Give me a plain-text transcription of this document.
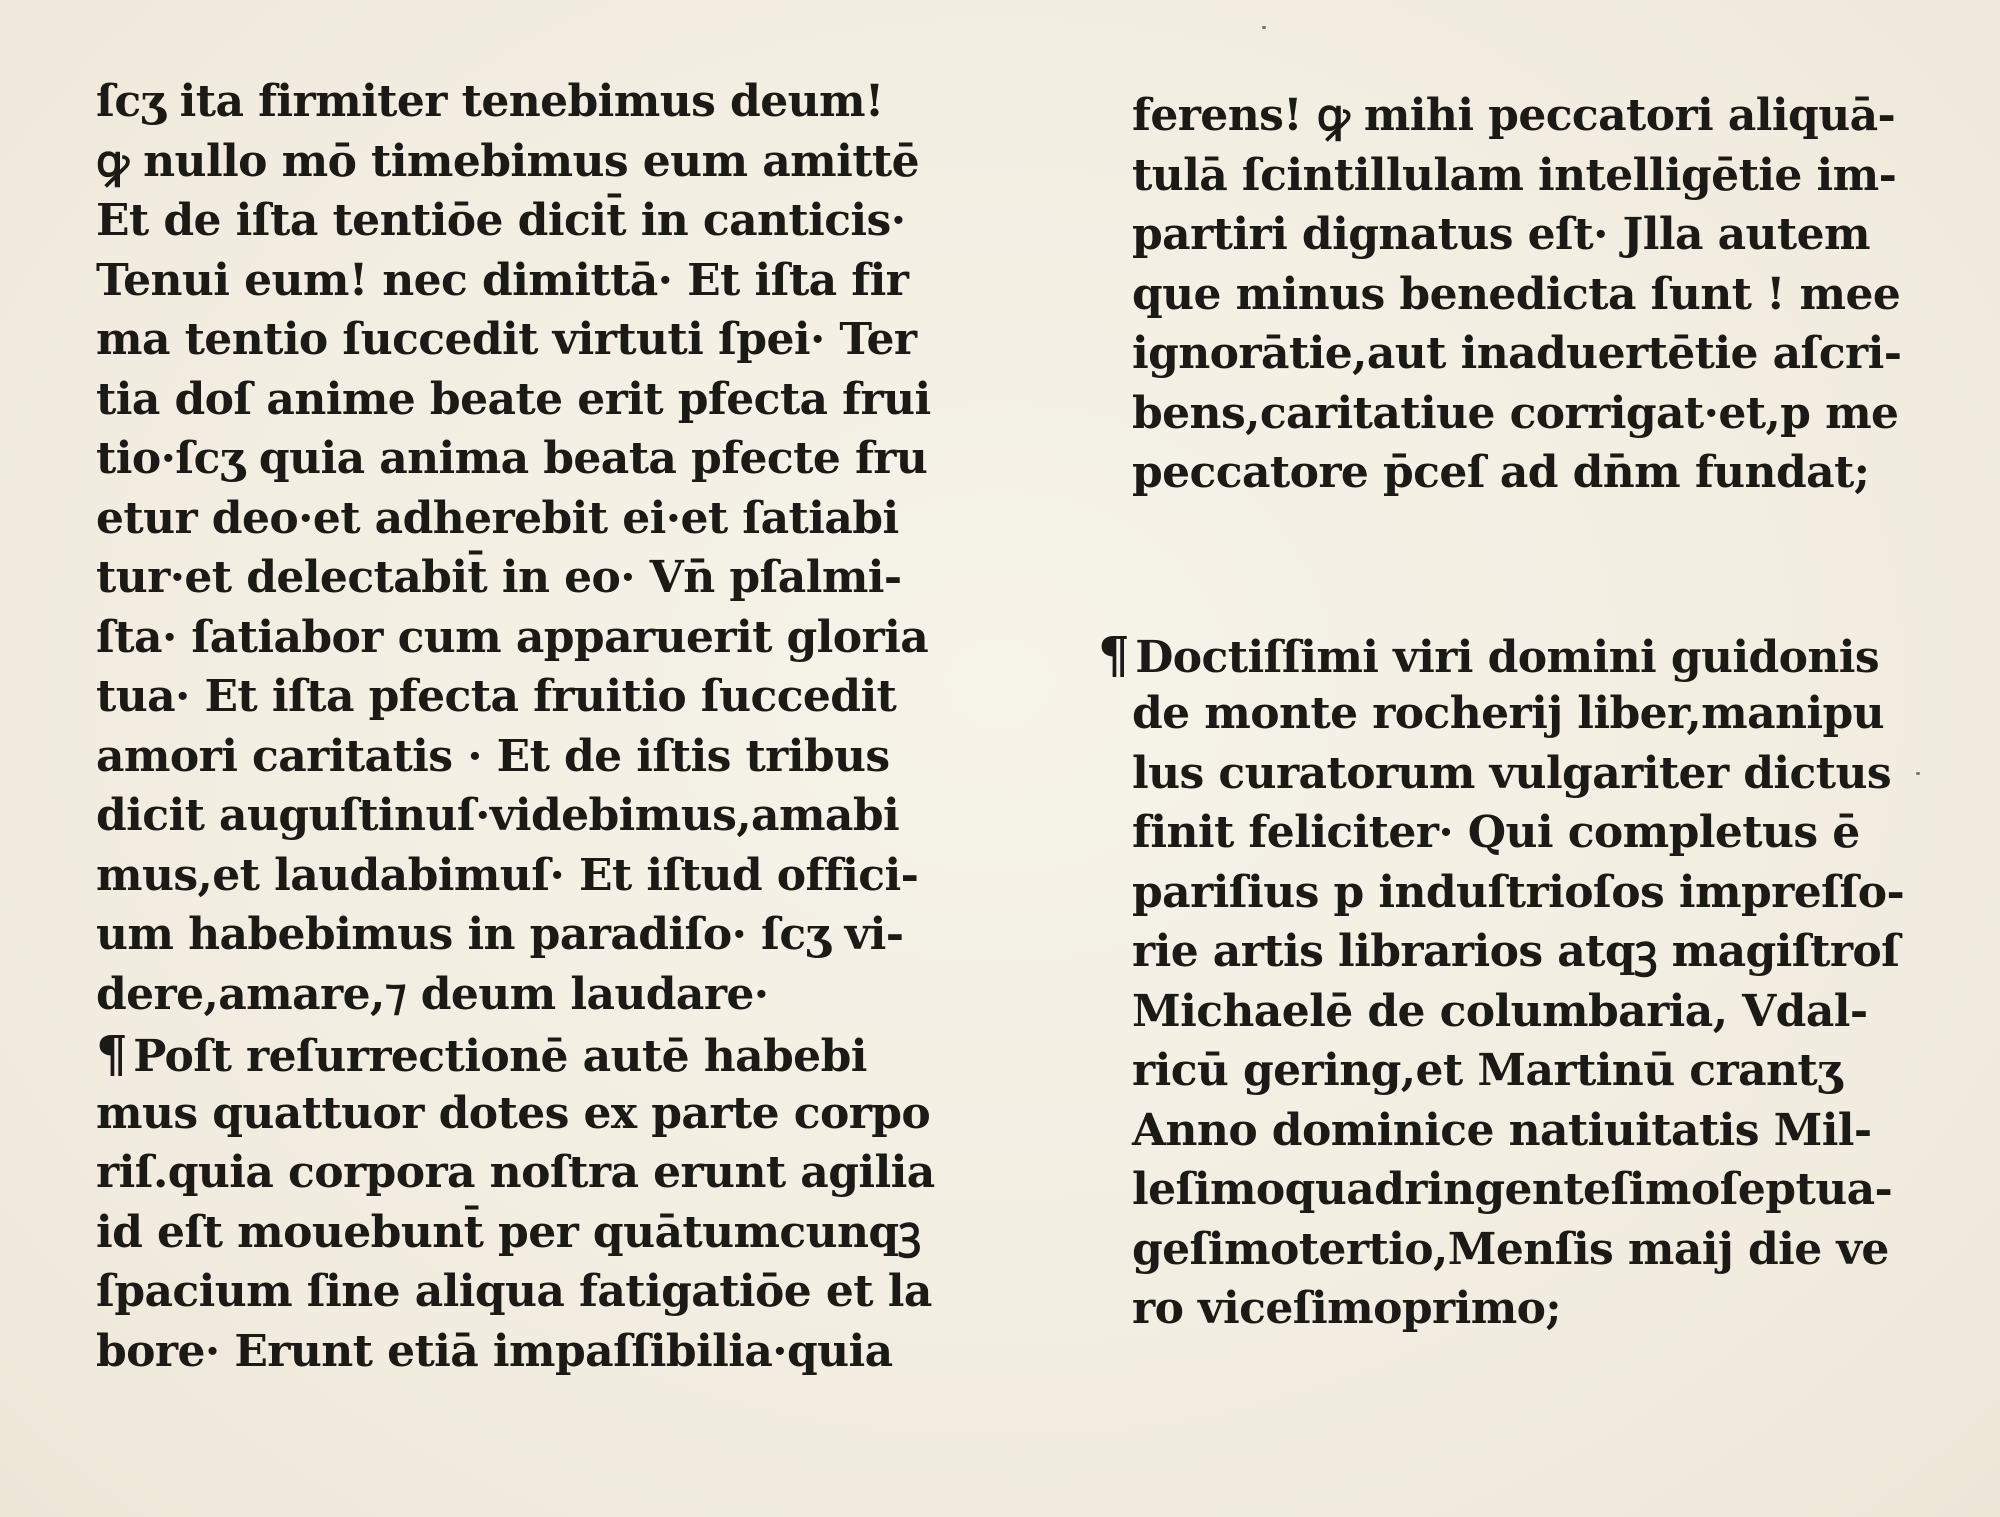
ſcʒ ita firmiter tenebimus deum!
ꝙ nullo mō timebimus eum amittē
Et de iſta tentiōe dicit̄ in canticis·
Tenui eum! nec dimittā· Et iſta fir
ma tentio ſuccedit virtuti ſpei· Ter
tia doſ anime beate erit pfecta frui
tio·ſcʒ quia anima beata pfecte fru
etur deo·et adherebit ei·et ſatiabi
tur·et delectabit̄ in eo· Vn̄ pſalmi-
ſta· ſatiabor cum apparuerit gloria
tua· Et iſta pfecta fruitio ſuccedit
amori caritatis · Et de iſtis tribus
dicit auguſtinuſ·videbimus,amabi
mus,et laudabimuſ· Et iſtud offici-
um habebimus in paradiſo· ſcʒ vi-
dere,amare,⁊ deum laudare·
¶ Poſt reſurrectionē autē habebi
mus quattuor dotes ex parte corpo
riſ.quia corpora noſtra erunt agilia
id eſt mouebunt̄ per quātumcunqꝫ
ſpacium ſine aliqua fatigatiōe et la
bore· Erunt etiā impaſſibilia·quia
ferens! ꝙ mihi peccatori aliquā-
tulā ſcintillulam intelligētie im-
partiri dignatus eſt· Jlla autem
que minus benedicta ſunt ! mee
ignorātie,aut inaduertētie aſcri-
bens,caritatiue corrigat·et,p me
peccatore p̄ceſ ad dn̄m fundat;
¶ Doctiſſimi viri domini guidonis
de monte rocherij liber,manipu
lus curatorum vulgariter dictus
finit feliciter· Qui completus ē
pariſius p induſtrioſos impreſſo-
rie artis librarios atqꝫ magiſtroſ
Michaelē de columbaria, Vdal-
ricū gering,et Martinū crantʒ
Anno dominice natiuitatis Mil-
leſimoquadringenteſimoſeptua-
geſimotertio,Menſis maij die ve
ro viceſimoprimo;
